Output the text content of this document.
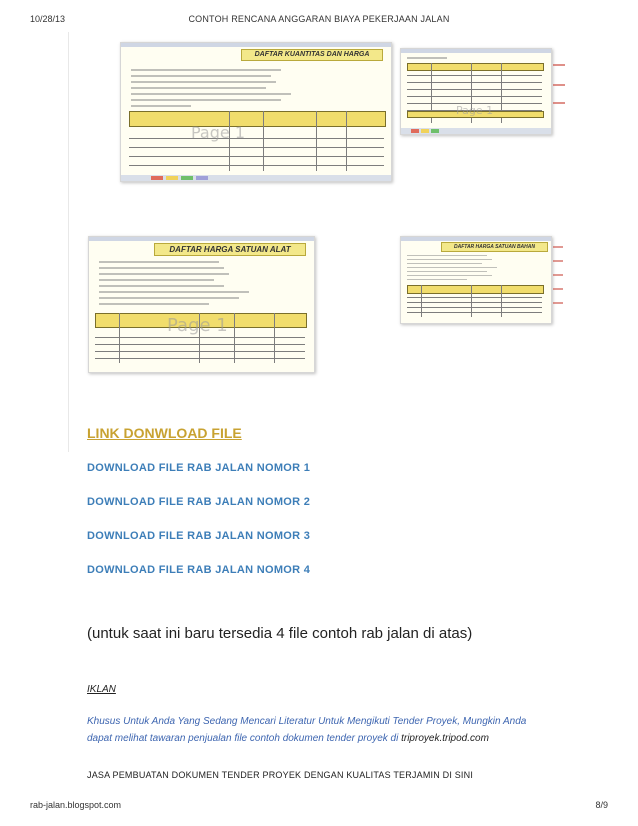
10/28/13	CONTOH RENCANA ANGGARAN BIAYA PEKERJAAN JALAN
DAFTAR KUANTITAS DAN HARGA
Page 1
Page 1
DAFTAR HARGA SATUAN ALAT
Page 1
DAFTAR HARGA SATUAN BAHAN
LINK DONWLOAD FILE
DOWNLOAD FILE RAB JALAN NOMOR 1
DOWNLOAD FILE RAB JALAN NOMOR 2
DOWNLOAD FILE RAB JALAN NOMOR 3
DOWNLOAD FILE RAB JALAN NOMOR 4
(untuk saat ini baru tersedia 4 file contoh rab jalan di atas)
IKLAN
Khusus Untuk Anda Yang Sedang Mencari Literatur Untuk Mengikuti Tender Proyek, Mungkin Anda dapat melihat tawaran penjualan file contoh dokumen tender proyek di triproyek.tripod.com
JASA PEMBUATAN DOKUMEN TENDER PROYEK DENGAN KUALITAS TERJAMIN DI SINI
rab-jalan.blogspot.com	8/9
